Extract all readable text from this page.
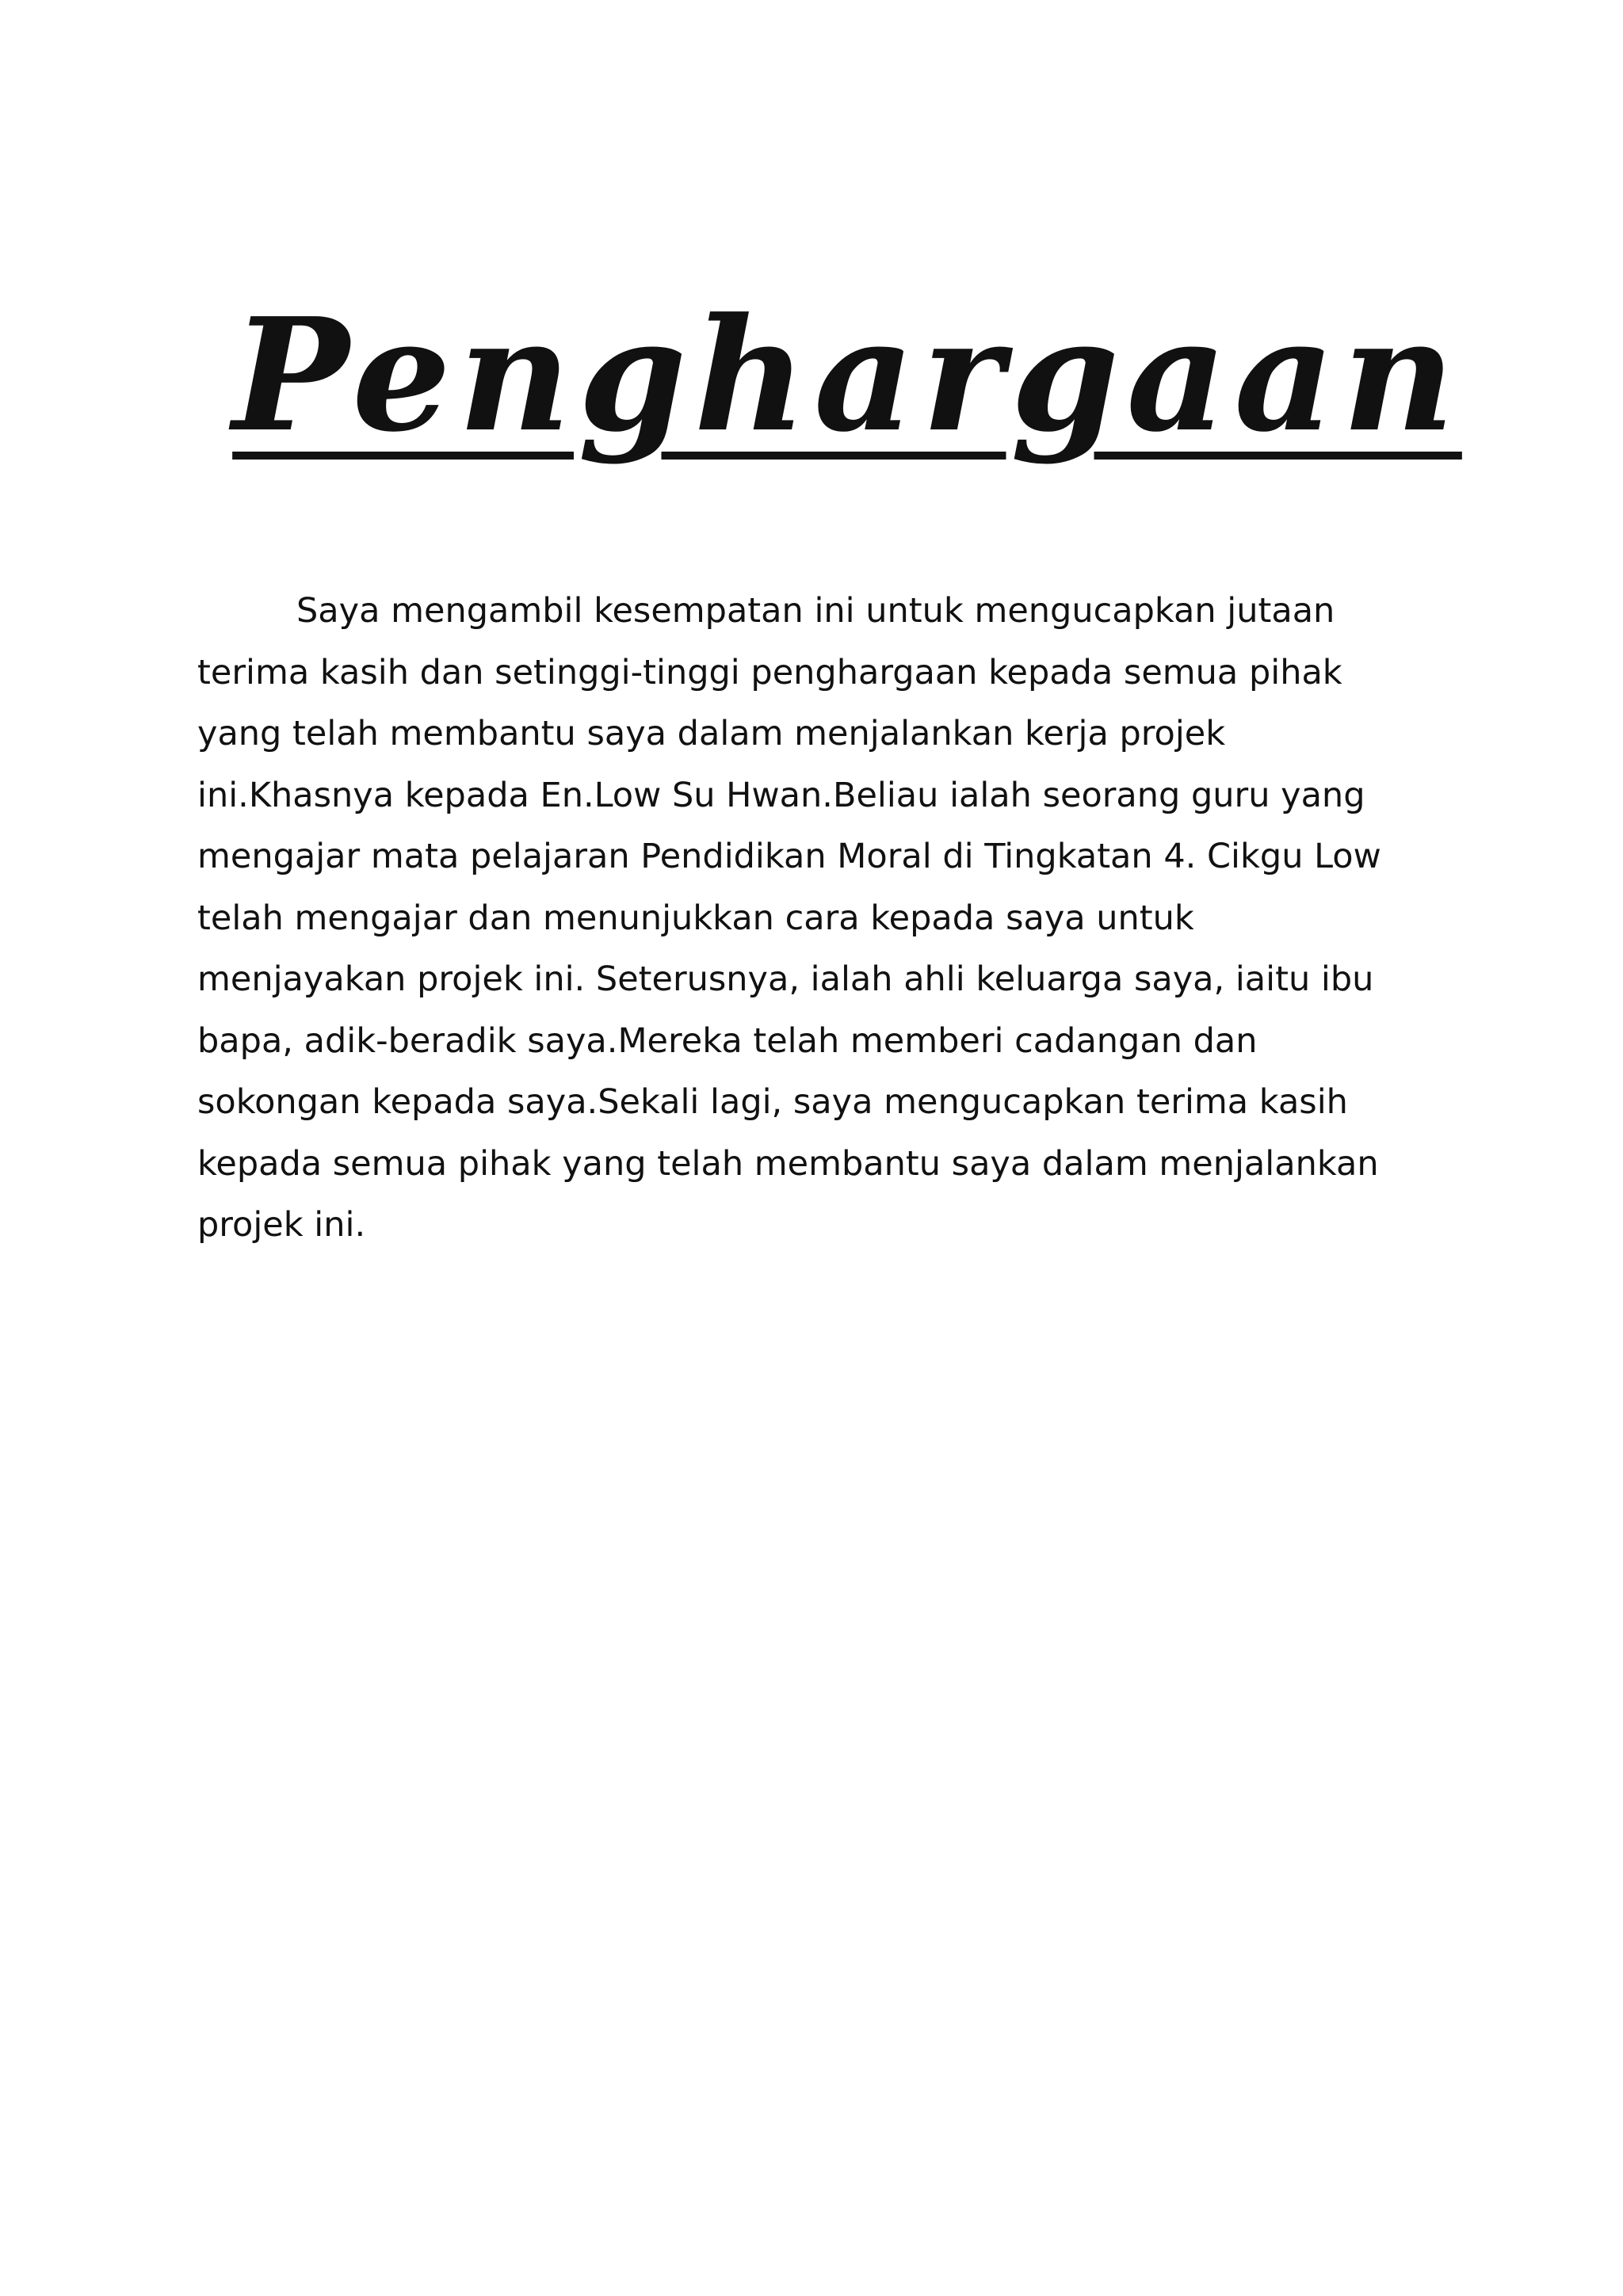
Penghargaan

Saya mengambil kesempatan ini untuk mengucapkan jutaan
terima kasih dan setinggi-tinggi penghargaan kepada semua pihak
yang telah membantu saya dalam menjalankan kerja projek
ini.Khasnya kepada En.Low Su Hwan.Beliau ialah seorang guru yang
mengajar mata pelajaran Pendidikan Moral di Tingkatan 4. Cikgu Low
telah mengajar dan menunjukkan cara kepada saya untuk
menjayakan projek ini. Seterusnya, ialah ahli keluarga saya, iaitu ibu
bapa, adik-beradik saya.Mereka telah memberi cadangan dan
sokongan kepada saya.Sekali lagi, saya mengucapkan terima kasih
kepada semua pihak yang telah membantu saya dalam menjalankan
projek ini.
